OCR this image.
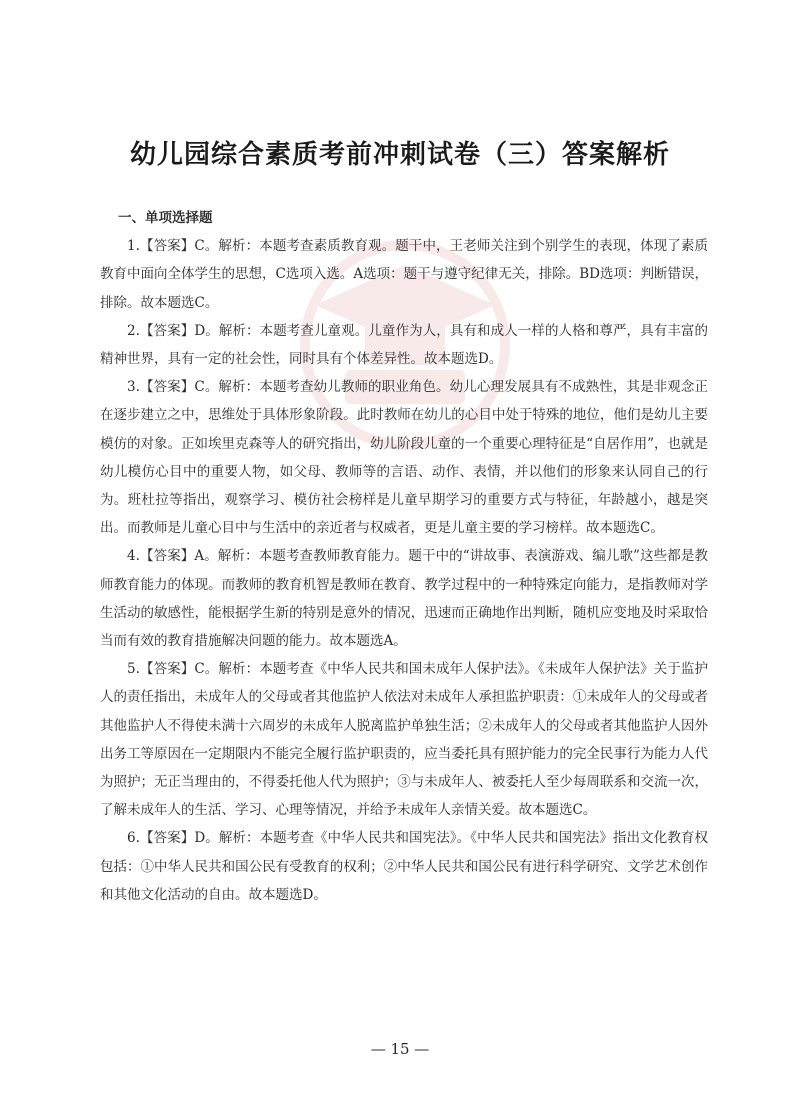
幼儿园综合素质考前冲刺试卷（三）答案解析

一、单项选择题

1.【答案】C。解析：本题考查素质教育观。题干中，王老师关注到个别学生的表现，体现了素质教育中面向全体学生的思想，C选项入选。A选项：题干与遵守纪律无关，排除。BD选项：判断错误，排除。故本题选C。

2.【答案】D。解析：本题考查儿童观。儿童作为人，具有和成人一样的人格和尊严，具有丰富的精神世界，具有一定的社会性，同时具有个体差异性。故本题选D。

3.【答案】C。解析：本题考查幼儿教师的职业角色。幼儿心理发展具有不成熟性，其是非观念正在逐步建立之中，思维处于具体形象阶段。此时教师在幼儿的心目中处于特殊的地位，他们是幼儿主要模仿的对象。正如埃里克森等人的研究指出，幼儿阶段儿童的一个重要心理特征是“自居作用”，也就是幼儿模仿心目中的重要人物，如父母、教师等的言语、动作、表情，并以他们的形象来认同自己的行为。班杜拉等指出，观察学习、模仿社会榜样是儿童早期学习的重要方式与特征，年龄越小，越是突出。而教师是儿童心目中与生活中的亲近者与权威者，更是儿童主要的学习榜样。故本题选C。

4.【答案】A。解析：本题考查教师教育能力。题干中的“讲故事、表演游戏、编儿歌”这些都是教师教育能力的体现。而教师的教育机智是教师在教育、教学过程中的一种特殊定向能力，是指教师对学生活动的敏感性，能根据学生新的特别是意外的情况，迅速而正确地作出判断，随机应变地及时采取恰当而有效的教育措施解决问题的能力。故本题选A。

5.【答案】C。解析：本题考查《中华人民共和国未成年人保护法》。《未成年人保护法》关于监护人的责任指出，未成年人的父母或者其他监护人依法对未成年人承担监护职责：①未成年人的父母或者其他监护人不得使未满十六周岁的未成年人脱离监护单独生活；②未成年人的父母或者其他监护人因外出务工等原因在一定期限内不能完全履行监护职责的，应当委托具有照护能力的完全民事行为能力人代为照护；无正当理由的，不得委托他人代为照护；③与未成年人、被委托人至少每周联系和交流一次，了解未成年人的生活、学习、心理等情况，并给予未成年人亲情关爱。故本题选C。

6.【答案】D。解析：本题考查《中华人民共和国宪法》。《中华人民共和国宪法》指出文化教育权包括：①中华人民共和国公民有受教育的权利；②中华人民共和国公民有进行科学研究、文学艺术创作和其他文化活动的自由。故本题选D。

— 15 —
